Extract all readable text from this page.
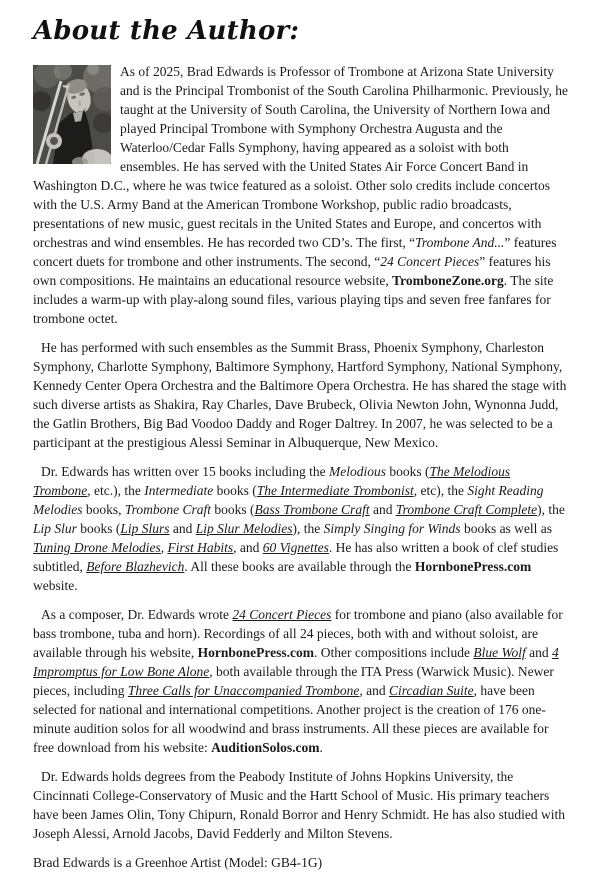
About the Author:

As of 2025, Brad Edwards is Professor of Trombone at Arizona State University and is the Principal Trombonist of the South Carolina Philharmonic. Previously, he taught at the University of South Carolina, the University of Northern Iowa and played Principal Trombone with Symphony Orchestra Augusta and the Waterloo/Cedar Falls Symphony, having appeared as a soloist with both ensembles. He has served with the United States Air Force Concert Band in Washington D.C., where he was twice featured as a soloist. Other solo credits include concertos with the U.S. Army Band at the American Trombone Workshop, public radio broadcasts, presentations of new music, guest recitals in the United States and Europe, and concertos with orchestras and wind ensembles. He has recorded two CD’s. The first, “Trombone And...” features concert duets for trombone and other instruments. The second, “24 Concert Pieces” features his own compositions. He maintains an educational resource website, TromboneZone.org. The site includes a warm-up with play-along sound files, various playing tips and seven free fanfares for trombone octet.

He has performed with such ensembles as the Summit Brass, Phoenix Symphony, Charleston Symphony, Charlotte Symphony, Baltimore Symphony, Hartford Symphony, National Symphony, Kennedy Center Opera Orchestra and the Baltimore Opera Orchestra. He has shared the stage with such diverse artists as Shakira, Ray Charles, Dave Brubeck, Olivia Newton John, Wynonna Judd, the Gatlin Brothers, Big Bad Voodoo Daddy and Roger Daltrey. In 2007, he was selected to be a participant at the prestigious Alessi Seminar in Albuquerque, New Mexico.

Dr. Edwards has written over 15 books including the Melodious books (The Melodious Trombone, etc.), the Intermediate books (The Intermediate Trombonist, etc), the Sight Reading Melodies books, Trombone Craft books (Bass Trombone Craft and Trombone Craft Complete), the Lip Slur books (Lip Slurs and Lip Slur Melodies), the Simply Singing for Winds books as well as Tuning Drone Melodies, First Habits, and 60 Vignettes. He has also written a book of clef studies subtitled, Before Blazhevich. All these books are available through the HornbonePress.com website.

As a composer, Dr. Edwards wrote 24 Concert Pieces for trombone and piano (also available for bass trombone, tuba and horn). Recordings of all 24 pieces, both with and without soloist, are available through his website, HornbonePress.com. Other compositions include Blue Wolf and 4 Impromptus for Low Bone Alone, both available through the ITA Press (Warwick Music). Newer pieces, including Three Calls for Unaccompanied Trombone, and Circadian Suite, have been selected for national and international competitions. Another project is the creation of 176 one-minute audition solos for all woodwind and brass instruments. All these pieces are available for free download from his website: AuditionSolos.com.

Dr. Edwards holds degrees from the Peabody Institute of Johns Hopkins University, the Cincinnati College-Conservatory of Music and the Hartt School of Music. His primary teachers have been James Olin, Tony Chipurn, Ronald Borror and Henry Schmidt. He has also studied with Joseph Alessi, Arnold Jacobs, David Fedderly and Milton Stevens.

Brad Edwards is a Greenhoe Artist (Model: GB4-1G)
